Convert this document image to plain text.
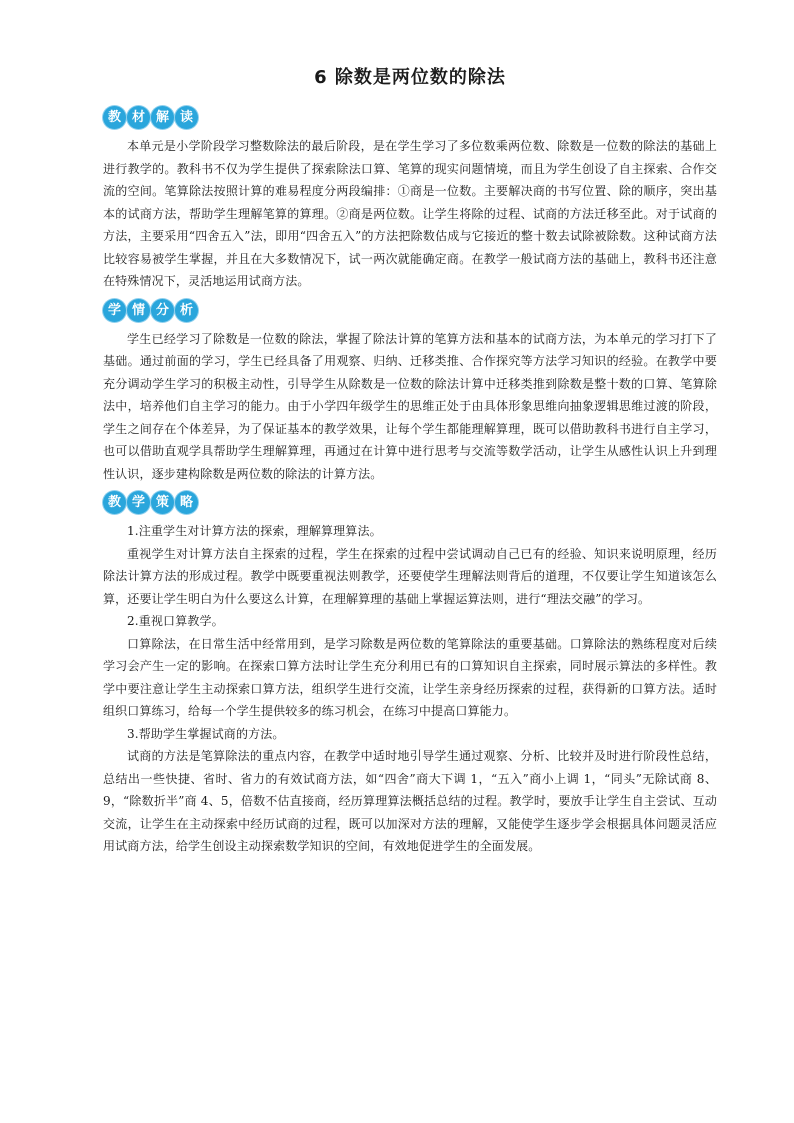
6 除数是两位数的除法
教 材 解 读

本单元是小学阶段学习整数除法的最后阶段，是在学生学习了多位数乘两位数、除数是一位数的除法的基础上进行教学的。教科书不仅为学生提供了探索除法口算、笔算的现实问题情境，而且为学生创设了自主探索、合作交流的空间。笔算除法按照计算的难易程度分两段编排：①商是一位数。主要解决商的书写位置、除的顺序，突出基本的试商方法，帮助学生理解笔算的算理。②商是两位数。让学生将除的过程、试商的方法迁移至此。对于试商的方法，主要采用“四舍五入”法，即用“四舍五入”的方法把除数估成与它接近的整十数去试除被除数。这种试商方法比较容易被学生掌握，并且在大多数情况下，试一两次就能确定商。在教学一般试商方法的基础上，教科书还注意在特殊情况下，灵活地运用试商方法。

学 情 分 析

学生已经学习了除数是一位数的除法，掌握了除法计算的笔算方法和基本的试商方法，为本单元的学习打下了基础。通过前面的学习，学生已经具备了用观察、归纳、迁移类推、合作探究等方法学习知识的经验。在教学中要充分调动学生学习的积极主动性，引导学生从除数是一位数的除法计算中迁移类推到除数是整十数的口算、笔算除法中，培养他们自主学习的能力。由于小学四年级学生的思维正处于由具体形象思维向抽象逻辑思维过渡的阶段，学生之间存在个体差异，为了保证基本的教学效果，让每个学生都能理解算理，既可以借助教科书进行自主学习，也可以借助直观学具帮助学生理解算理，再通过在计算中进行思考与交流等数学活动，让学生从感性认识上升到理性认识，逐步建构除数是两位数的除法的计算方法。

教 学 策 略

1.注重学生对计算方法的探索，理解算理算法。

重视学生对计算方法自主探索的过程，学生在探索的过程中尝试调动自己已有的经验、知识来说明原理，经历除法计算方法的形成过程。教学中既要重视法则教学，还要使学生理解法则背后的道理，不仅要让学生知道该怎么算，还要让学生明白为什么要这么计算，在理解算理的基础上掌握运算法则，进行“理法交融”的学习。

2.重视口算教学。

口算除法，在日常生活中经常用到，是学习除数是两位数的笔算除法的重要基础。口算除法的熟练程度对后续学习会产生一定的影响。在探索口算方法时让学生充分利用已有的口算知识自主探索，同时展示算法的多样性。教学中要注意让学生主动探索口算方法，组织学生进行交流，让学生亲身经历探索的过程，获得新的口算方法。适时组织口算练习，给每一个学生提供较多的练习机会，在练习中提高口算能力。

3.帮助学生掌握试商的方法。

试商的方法是笔算除法的重点内容，在教学中适时地引导学生通过观察、分析、比较并及时进行阶段性总结，总结出一些快捷、省时、省力的有效试商方法，如“四舍”商大下调 1，“五入”商小上调 1，“同头”无除试商 8、9，“除数折半”商 4、5，倍数不估直接商，经历算理算法概括总结的过程。教学时，要放手让学生自主尝试、互动交流，让学生在主动探索中经历试商的过程，既可以加深对方法的理解，又能使学生逐步学会根据具体问题灵活应用试商方法，给学生创设主动探索数学知识的空间，有效地促进学生的全面发展。
